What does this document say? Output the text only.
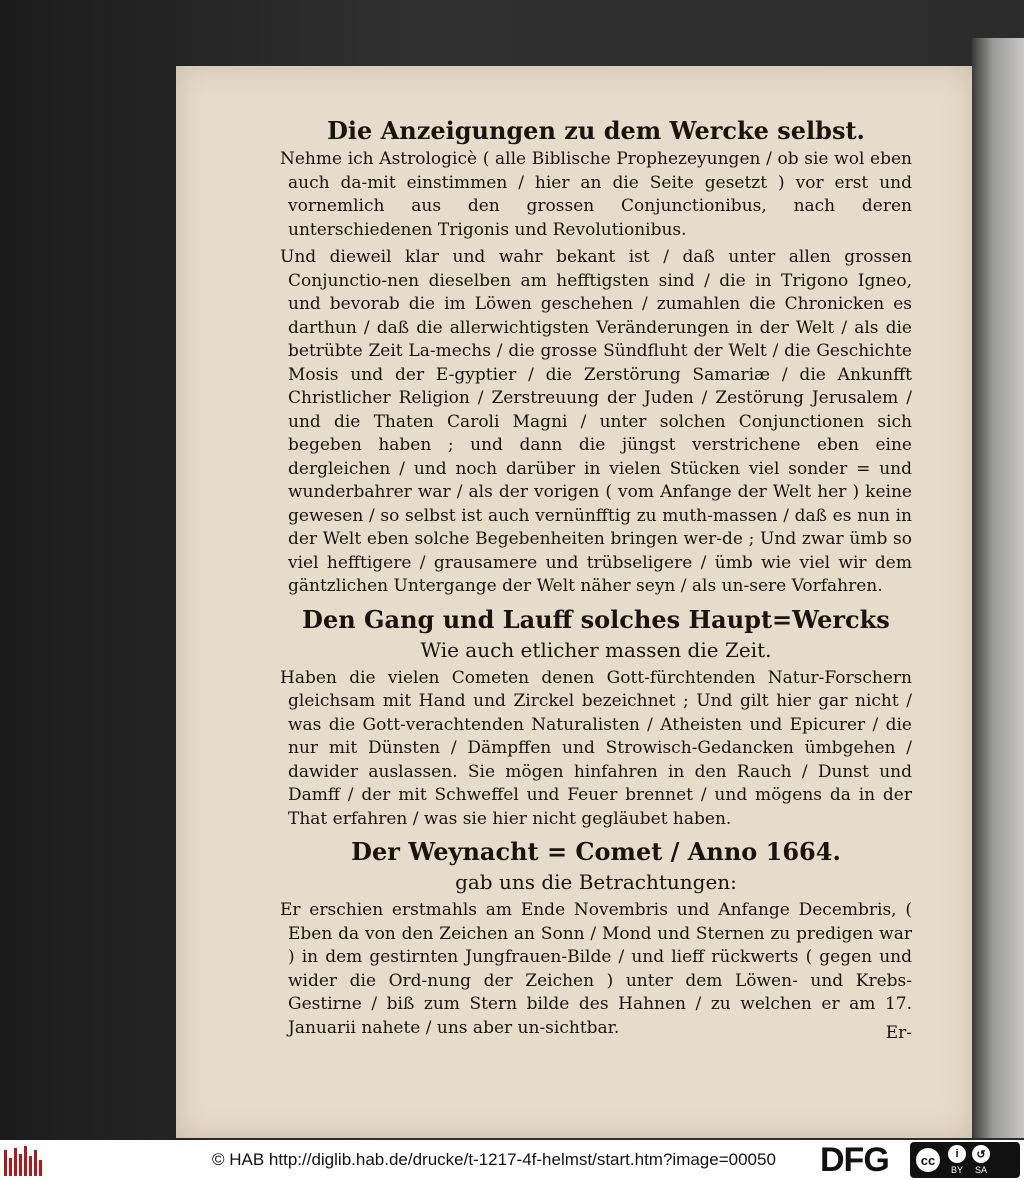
Die Anzeigungen zu dem Wercke selbst.

Nehme ich Astrologicè ( alle Biblische Prophezeyungen / ob sie wol eben auch da-mit einstimmen / hier an die Seite gesetzt ) vor erst und vornemlich aus den grossen Conjunctionibus, nach deren unterschiedenen Trigonis und Revolutionibus.

Und dieweil klar und wahr bekant ist / daß unter allen grossen Conjunctio-nen dieselben am hefftigsten sind / die in Trigono Igneo, und bevorab die im Löwen geschehen / zumahlen die Chronicken es darthun / daß die allerwichtigsten Veränderungen in der Welt / als die betrübte Zeit La-mechs / die grosse Sündfluht der Welt / die Geschichte Mosis und der E-gyptier / die Zerstörung Samariæ / die Ankunfft Christlicher Religion / Zerstreuung der Juden / Zestörung Jerusalem / und die Thaten Caroli Magni / unter solchen Conjunctionen sich begeben haben ; und dann die jüngst verstrichene eben eine dergleichen / und noch darüber in vielen Stücken viel sonder = und wunderbahrer war / als der vorigen ( vom Anfange der Welt her ) keine gewesen / so selbst ist auch vernünfftig zu muth-massen / daß es nun in der Welt eben solche Begebenheiten bringen wer-de ; Und zwar ümb so viel hefftigere / grausamere und trübseligere / ümb wie viel wir dem gäntzlichen Untergange der Welt näher seyn / als un-sere Vorfahren.

Den Gang und Lauff solches Haupt=Wercks

Wie auch etlicher massen die Zeit.

Haben die vielen Cometen denen Gott-fürchtenden Natur-Forschern gleichsam mit Hand und Zirckel bezeichnet ; Und gilt hier gar nicht / was die Gott-verachtenden Naturalisten / Atheisten und Epicurer / die nur mit Dünsten / Dämpffen und Strowisch-Gedancken ümbgehen / dawider auslassen. Sie mögen hinfahren in den Rauch / Dunst und Damff / der mit Schweffel und Feuer brennet / und mögens da in der That erfahren / was sie hier nicht gegläubet haben.

Der Weynacht = Comet / Anno 1664.

gab uns die Betrachtungen:

Er erschien erstmahls am Ende Novembris und Anfange Decembris, ( Eben da von den Zeichen an Sonn / Mond und Sternen zu predigen war ) in dem gestirnten Jungfrauen-Bilde / und lieff rückwerts ( gegen und wider die Ord-nung der Zeichen ) unter dem Löwen- und Krebs-Gestirne / biß zum Stern bilde des Hahnen / zu welchen er am 17. Januarii nahete / uns aber un-sichtbar.	Er-
© HAB http://diglib.hab.de/drucke/t-1217-4f-helmst/start.htm?image=00050 DFG	cc	i
BY
↺
SA
